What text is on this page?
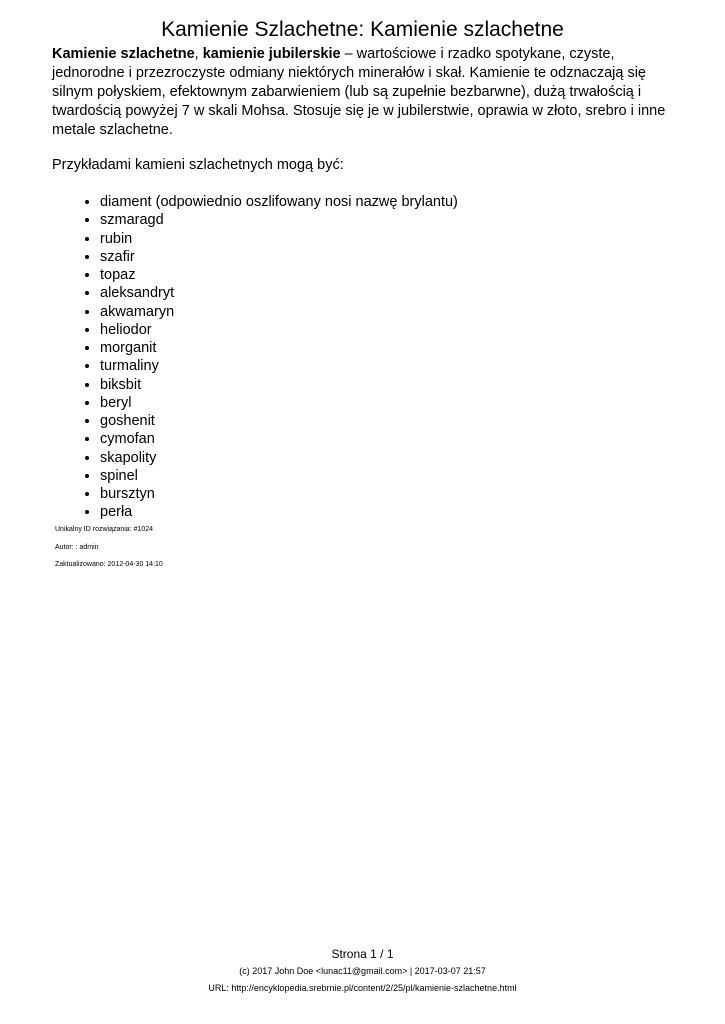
Kamienie Szlachetne: Kamienie szlachetne

Kamienie szlachetne, kamienie jubilerskie – wartościowe i rzadko spotykane, czyste, jednorodne i przezroczyste odmiany niektórych minerałów i skał. Kamienie te odznaczają się silnym połyskiem, efektownym zabarwieniem (lub są zupełnie bezbarwne), dużą trwałością i twardością powyżej 7 w skali Mohsa. Stosuje się je w jubilerstwie, oprawia w złoto, srebro i inne metale szlachetne.

Przykładami kamieni szlachetnych mogą być:

• diament (odpowiednio oszlifowany nosi nazwę brylantu)
• szmaragd
• rubin
• szafir
• topaz
• aleksandryt
• akwamaryn
• heliodor
• morganit
• turmaliny
• biksbit
• beryl
• goshenit
• cymofan
• skapolity
• spinel
• bursztyn
• perła

Unikalny ID rozwiązania: #1024

Autor: : admin

Zaktualizowano: 2012-04-30 14:10

Strona 1 / 1

(c) 2017 John Doe <lunac11@gmail.com> | 2017-03-07 21:57

URL: http://encyklopedia.srebrnie.pl/content/2/25/pl/kamienie-szlachetne.html
